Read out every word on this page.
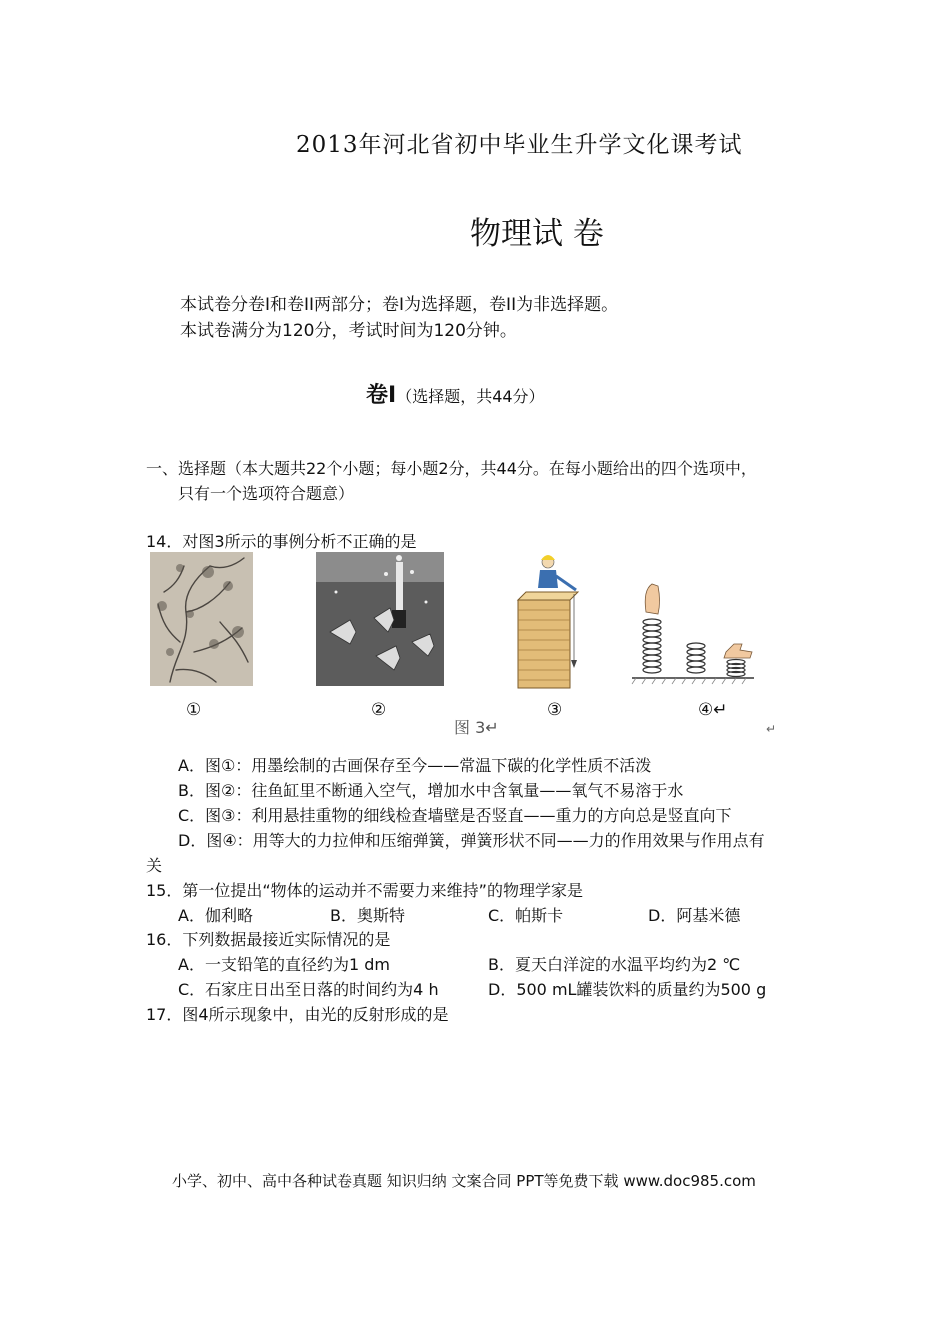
2013年河北省初中毕业生升学文化课考试
物理试 卷
本试卷分卷I和卷II两部分；卷I为选择题，卷II为非选择题。
本试卷满分为120分，考试时间为120分钟。
卷I（选择题，共44分）
一、选择题（本大题共22个小题；每小题2分，共44分。在每小题给出的四个选项中，
只有一个选项符合题意）
14．对图3所示的事例分析不正确的是
①	②	③	④↵
图 3↵	↵
A．图①：用墨绘制的古画保存至今——常温下碳的化学性质不活泼
B．图②：往鱼缸里不断通入空气，增加水中含氧量——氧气不易溶于水
C．图③：利用悬挂重物的细线检查墙壁是否竖直——重力的方向总是竖直向下
D．图④：用等大的力拉伸和压缩弹簧，弹簧形状不同——力的作用效果与作用点有
关
15．第一位提出“物体的运动并不需要力来维持”的物理学家是
A．伽利略	B．奥斯特	C．帕斯卡	D．阿基米德
16．下列数据最接近实际情况的是
A．一支铅笔的直径约为1 dm	B．夏天白洋淀的水温平均约为2 ℃
C．石家庄日出至日落的时间约为4 h	D．500 mL罐装饮料的质量约为500 g
17．图4所示现象中，由光的反射形成的是
小学、初中、高中各种试卷真题 知识归纳 文案合同 PPT等免费下载 www.doc985.com
